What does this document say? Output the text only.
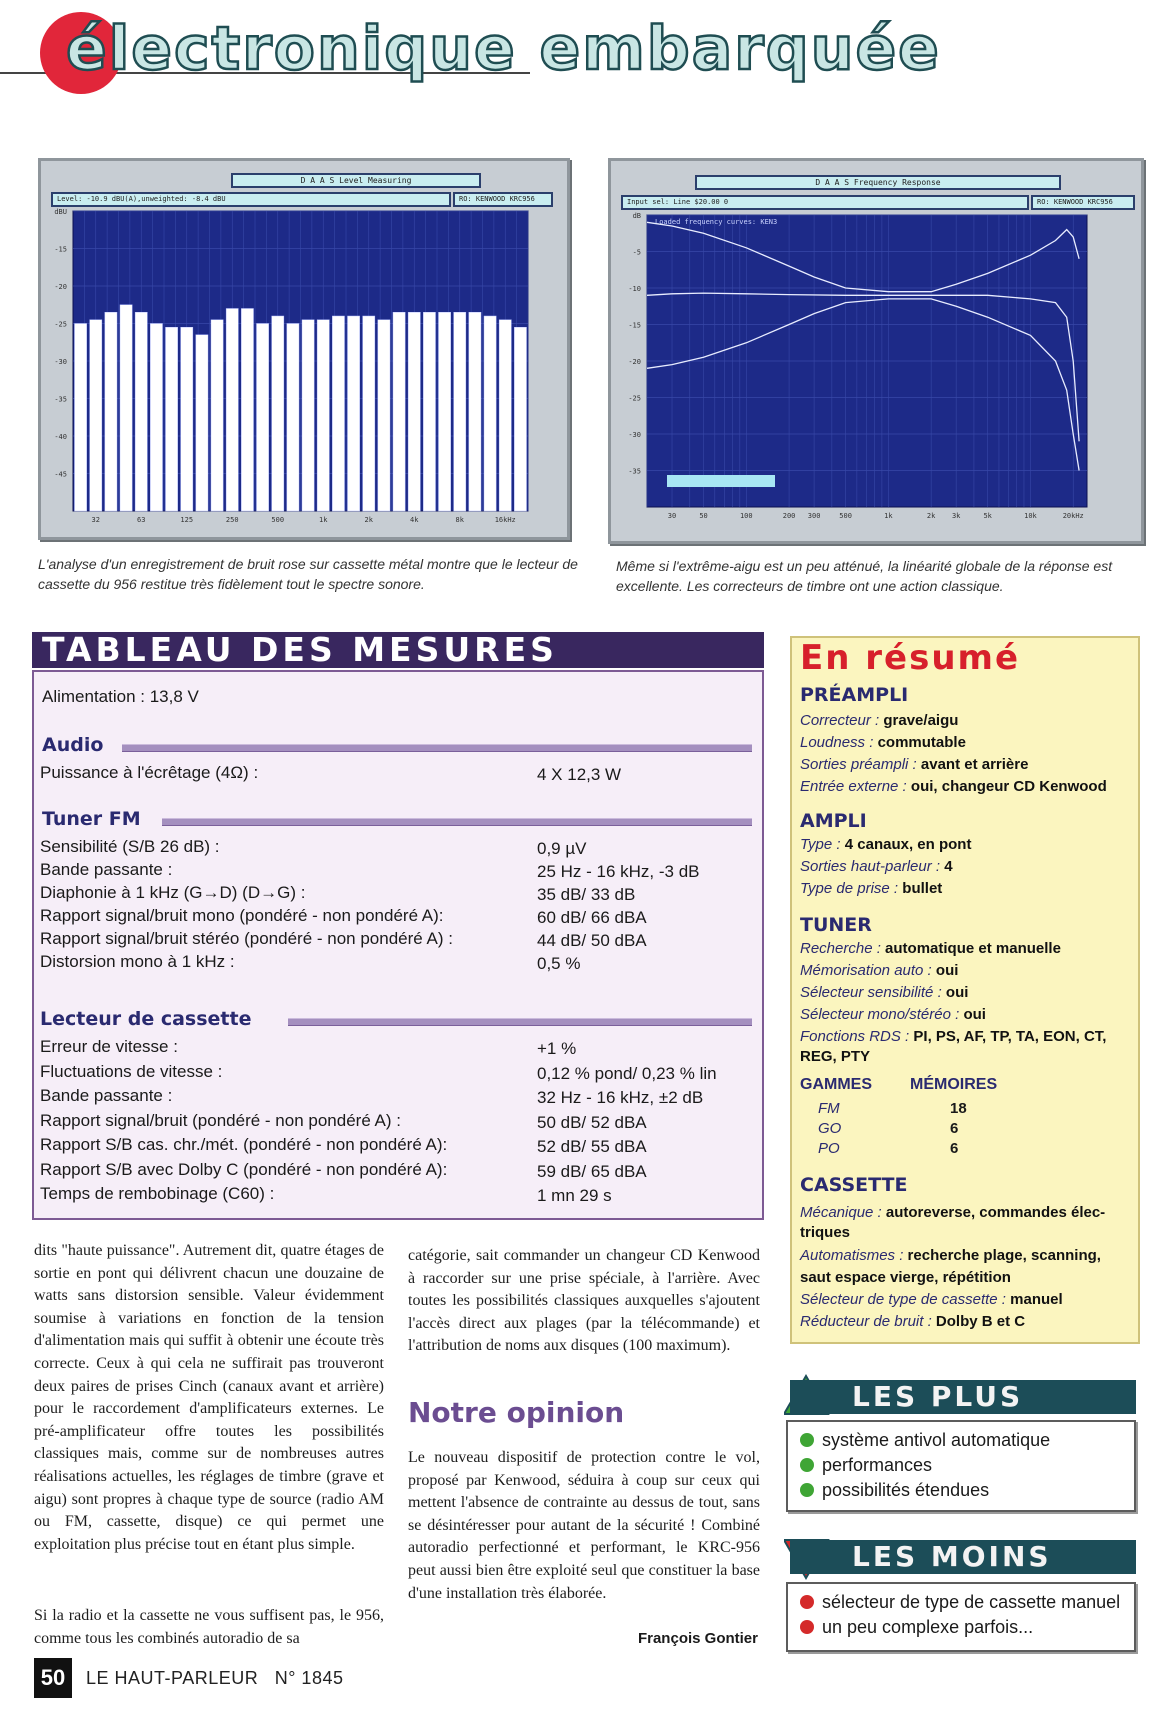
électronique embarquée
D A A S Level Measuring
Level: -10.9 dBU(A),unweighted: -8.4 dBU	RO: KENWOOD KRC956
dBU
-15
-20
-25
-30
-35
-40
-45
32	63	125	250	500	1k	2k	4k	8k	16kHz
L'analyse d'un enregistrement de bruit rose sur cassette métal montre que le lecteur de cassette du 956 restitue très fidèlement tout le spectre sonore.
D A A S Frequency Response
Input sel: Line $20.00 0	RO: KENWOOD KRC956
dB
-5
-10
-15
-20
-25
-30
-35
30	50	100	200 300	500	1k	2k 3k	5k	10k	20kHz
Loaded frequency curves: KEN3
Même si l'extrême-aigu est un peu atténué, la linéarité globale de la réponse est excellente. Les correcteurs de timbre ont une action classique.
TABLEAU DES MESURES
Alimentation : 13,8 V
Audio
Puissance à l'écrêtage (4Ω) :	4 X 12,3 W
Tuner FM
Sensibilité (S/B 26 dB) :	0,9 µV
Bande passante :	25 Hz - 16 kHz, -3 dB
Diaphonie à 1 kHz (G→D) (D→G) :	35 dB/ 33 dB
Rapport signal/bruit mono (pondéré - non pondéré A):	60 dB/ 66 dBA
Rapport signal/bruit stéréo (pondéré - non pondéré A) :	44 dB/ 50 dBA
Distorsion mono à 1 kHz :	0,5 %
Lecteur de cassette
Erreur de vitesse :	+1 %
Fluctuations de vitesse :	0,12 % pond/ 0,23 % lin
Bande passante :	32 Hz - 16 kHz, ±2 dB
Rapport signal/bruit (pondéré - non pondéré A) :	50 dB/ 52 dBA
Rapport S/B cas. chr./mét. (pondéré - non pondéré A):	52 dB/ 55 dBA
Rapport S/B avec Dolby C (pondéré - non pondéré A):	59 dB/ 65 dBA
Temps de rembobinage (C60) :	1 mn 29 s
En résumé
PRÉAMPLI
Correcteur : grave/aigu
Loudness : commutable
Sorties préampli : avant et arrière
Entrée externe : oui, changeur CD Kenwood
AMPLI
Type : 4 canaux, en pont
Sorties haut-parleur : 4
Type de prise : bullet
TUNER
Recherche : automatique et manuelle
Mémorisation auto : oui
Sélecteur sensibilité : oui
Sélecteur mono/stéréo : oui
Fonctions RDS : PI, PS, AF, TP, TA, EON, CT,
REG, PTY
GAMMES MÉMOIRES
FM	18
GO	6
PO	6
CASSETTE
Mécanique : autoreverse, commandes élec-
triques
Automatismes : recherche plage, scanning,
saut espace vierge, répétition
Sélecteur de type de cassette : manuel
Réducteur de bruit : Dolby B et C
dits "haute puissance". Autrement dit, quatre étages de sortie en pont qui délivrent chacun une douzaine de watts sans distorsion sensible. Valeur évidemment soumise à variations en fonction de la tension d'alimentation mais qui suffit à obtenir une écoute très correcte. Ceux à qui cela ne suffirait pas trouveront deux paires de prises Cinch (canaux avant et arrière) pour le raccordement d'amplificateurs externes. Le pré-amplificateur offre toutes les possibilités classiques mais, comme sur de nombreuses autres réalisations actuelles, les réglages de timbre (grave et aigu) sont propres à chaque type de source (radio AM ou FM, cassette, disque) ce qui permet une exploitation plus précise tout en étant plus simple.
Si la radio et la cassette ne vous suffisent pas, le 956, comme tous les combinés autoradio de sa
catégorie, sait commander un changeur CD Kenwood à raccorder sur une prise spéciale, à l'arrière. Avec toutes les possibilités classiques auxquelles s'ajoutent l'accès direct aux plages (par la télécommande) et l'attribution de noms aux disques (100 maximum).
Notre opinion
Le nouveau dispositif de protection contre le vol, proposé par Kenwood, séduira à coup sur ceux qui mettent l'absence de contrainte au dessus de tout, sans se désintéresser pour autant de la sécurité ! Combiné autoradio perfectionné et performant, le KRC-956 peut aussi bien être exploité seul que constituer la base d'une installation très élaborée.
François Gontier
LES PLUS
système antivol automatique
performances
possibilités étendues
LES MOINS
sélecteur de type de cassette manuel
un peu complexe parfois...
50	LE HAUT-PARLEUR N° 1845
